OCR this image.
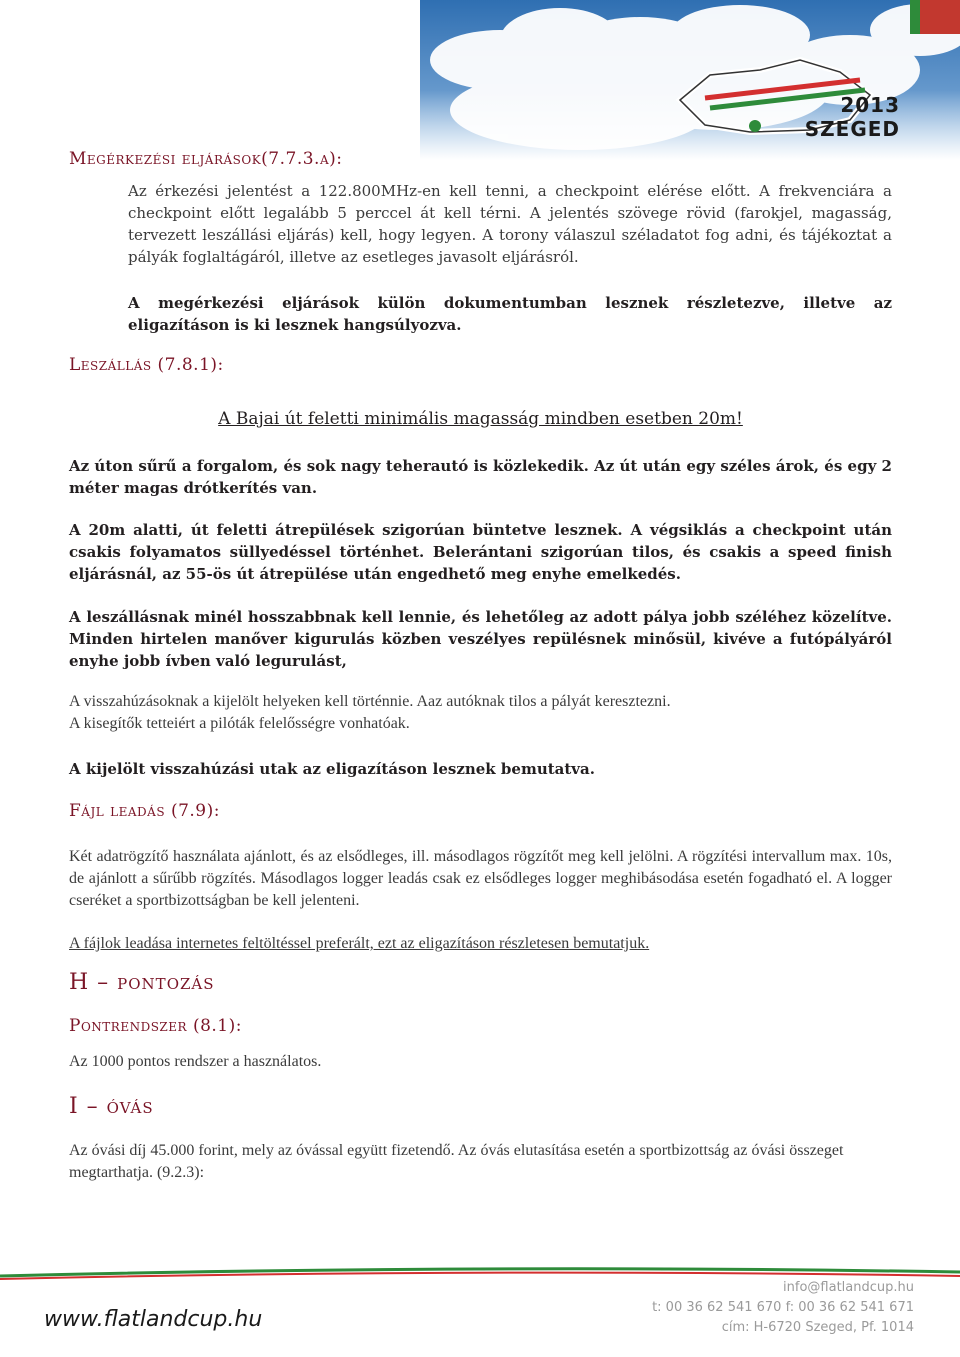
2013
SZEGED
Megérkezési eljárások(7.7.3.a):
Az érkezési jelentést a 122.800MHz-en kell tenni, a checkpoint elérése előtt. A frekvenciára a checkpoint előtt legalább 5 perccel át kell térni. A jelentés szövege rövid (farokjel, magasság, tervezett leszállási eljárás) kell, hogy legyen. A torony válaszul széladatot fog adni, és tájékoztat a pályák foglaltágáról, illetve az esetleges javasolt eljárásról.
A megérkezési eljárások külön dokumentumban lesznek részletezve, illetve az eligazításon is ki lesznek hangsúlyozva.
Leszállás (7.8.1):
A Bajai út feletti minimális magasság mindben esetben 20m!
Az úton sűrű a forgalom, és sok nagy teherautó is közlekedik. Az út után egy széles árok, és egy 2 méter magas drótkerítés van.
A 20m alatti, út feletti átrepülések szigorúan büntetve lesznek. A végsiklás a checkpoint után csakis folyamatos süllyedéssel történhet. Belerántani szigorúan tilos, és csakis a speed finish eljárásnál, az 55-ös út átrepülése után engedhető meg enyhe emelkedés.
A leszállásnak minél hosszabbnak kell lennie, és lehetőleg az adott pálya jobb széléhez közelítve. Minden hirtelen manőver kigurulás közben veszélyes repülésnek minősül, kivéve a futópályáról enyhe jobb ívben való legurulást,
A visszahúzásoknak a kijelölt helyeken kell történnie. Aaz autóknak tilos a pályát keresztezni.
A kisegítők tetteiért a pilóták felelősségre vonhatóak.
A kijelölt visszahúzási utak az eligazításon lesznek bemutatva.
Fájl leadás (7.9):
Két adatrögzítő használata ajánlott, és az elsődleges, ill. másodlagos rögzítőt meg kell jelölni. A rögzítési intervallum max. 10s, de ajánlott a sűrűbb rögzítés. Másodlagos logger leadás csak ez elsődleges logger meghibásodása esetén fogadható el. A logger cseréket a sportbizottságban be kell jelenteni.
A fájlok leadása internetes feltöltéssel preferált, ezt az eligazításon részletesen bemutatjuk.
H – pontozás
Pontrendszer (8.1):
Az 1000 pontos rendszer a használatos.
I – óvás
Az óvási díj 45.000 forint, mely az óvással együtt fizetendő. Az óvás elutasítása esetén a sportbizottság az óvási összeget megtarthatja. (9.2.3):
www.flatlandcup.hu
info@flatlandcup.hu
t: 00 36 62 541 670 f: 00 36 62 541 671
cím: H-6720 Szeged, Pf. 1014
